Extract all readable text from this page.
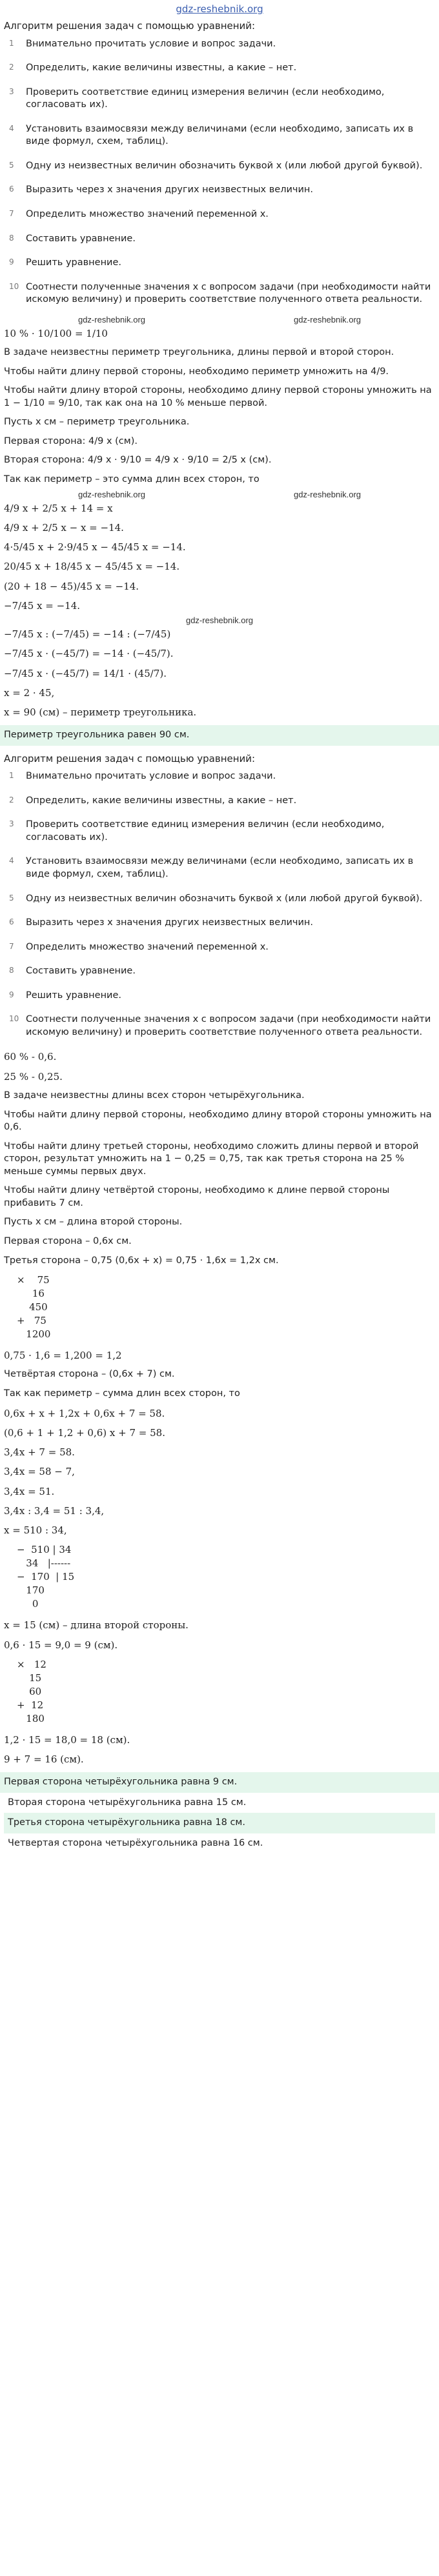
gdz-reshebnik.org
Алгоритм решения задач с помощью уравнений:
1	Внимательно прочитать условие и вопрос задачи.
2	Определить, какие величины известны, а какие – нет.
3	Проверить соответствие единиц измерения величин (если необходимо, согласовать их).
4	Установить взаимосвязи между величинами (если необходимо, записать их в виде формул, схем, таблиц).
5	Одну из неизвестных величин обозначить буквой x (или любой другой буквой).
6	Выразить через x значения других неизвестных величин.
7	Определить множество значений переменной x.
8	Составить уравнение.
9	Решить уравнение.
10 Соотнести полученные значения x с вопросом задачи (при необходимости найти искомую величину) и проверить соответствие полученного ответа реальности.
gdz-reshebnik.org	gdz-reshebnik.org
10 % · 10/100 = 1/10
В задаче неизвестны периметр треугольника, длины первой и второй сторон.
Чтобы найти длину первой стороны, необходимо периметр умножить на 4/9.
Чтобы найти длину второй стороны, необходимо длину первой стороны умножить на 1 − 1/10 = 9/10, так как она на 10 % меньше первой.
Пусть x см – периметр треугольника.
Первая сторона: 4/9 x (см).
Вторая сторона: 4/9 x · 9/10 = 4/9 x · 9/10 = 2/5 x (см).
Так как периметр – это сумма длин всех сторон, то
gdz-reshebnik.org	gdz-reshebnik.org
4/9 x + 2/5 x + 14 = x
4/9 x + 2/5 x − x = −14.
4·5/45 x + 2·9/45 x − 45/45 x = −14.
20/45 x + 18/45 x − 45/45 x = −14.
(20 + 18 − 45)/45 x = −14.
−7/45 x = −14.
gdz-reshebnik.org
−7/45 x : (−7/45) = −14 : (−7/45)
−7/45 x · (−45/7) = −14 · (−45/7).
−7/45 x · (−45/7) = 14/1 · (45/7).
x = 2 · 45,
x = 90 (см) – периметр треугольника.
Периметр треугольника равен 90 см.
Алгоритм решения задач с помощью уравнений:
1	Внимательно прочитать условие и вопрос задачи.
2	Определить, какие величины известны, а какие – нет.
3	Проверить соответствие единиц измерения величин (если необходимо, согласовать их).
4	Установить взаимосвязи между величинами (если необходимо, записать их в виде формул, схем, таблиц).
5	Одну из неизвестных величин обозначить буквой x (или любой другой буквой).
6	Выразить через x значения других неизвестных величин.
7	Определить множество значений переменной x.
8	Составить уравнение.
9	Решить уравнение.
10 Соотнести полученные значения x с вопросом задачи (при необходимости найти искомую величину) и проверить соответствие полученного ответа реальности.
60 % - 0,6.
25 % - 0,25.
В задаче неизвестны длины всех сторон четырёхугольника.
Чтобы найти длину первой стороны, необходимо длину второй стороны умножить на 0,6.
Чтобы найти длину третьей стороны, необходимо сложить длины первой и второй сторон, результат умножить на 1 − 0,25 = 0,75, так как третья сторона на 25 % меньше суммы первых двух.
Чтобы найти длину четвёртой стороны, необходимо к длине первой стороны прибавить 7 см.
Пусть x см – длина второй стороны.
Первая сторона – 0,6x см.
Третья сторона – 0,75 (0,6x + x) = 0,75 · 1,6x = 1,2x см.
×    75
16
450
+   75
1200
0,75 · 1,6 = 1,200 = 1,2
Четвёртая сторона – (0,6x + 7) см.
Так как периметр – сумма длин всех сторон, то
0,6x + x + 1,2x + 0,6x + 7 = 58.
(0,6 + 1 + 1,2 + 0,6) x + 7 = 58.
3,4x + 7 = 58.
3,4x = 58 − 7,
3,4x = 51.
3,4x : 3,4 = 51 : 3,4,
x = 510 : 34,
−  510 | 34
34   |------
−  170  | 15
170
0
x = 15 (см) – длина второй стороны.
0,6 · 15 = 9,0 = 9 (см).
×   12
15
60
+  12
180
1,2 · 15 = 18,0 = 18 (см).
9 + 7 = 16 (см).
Первая сторона четырёхугольника равна 9 см.
Вторая сторона четырёхугольника равна 15 см.
Третья сторона четырёхугольника равна 18 см.
Четвертая сторона четырёхугольника равна 16 см.
